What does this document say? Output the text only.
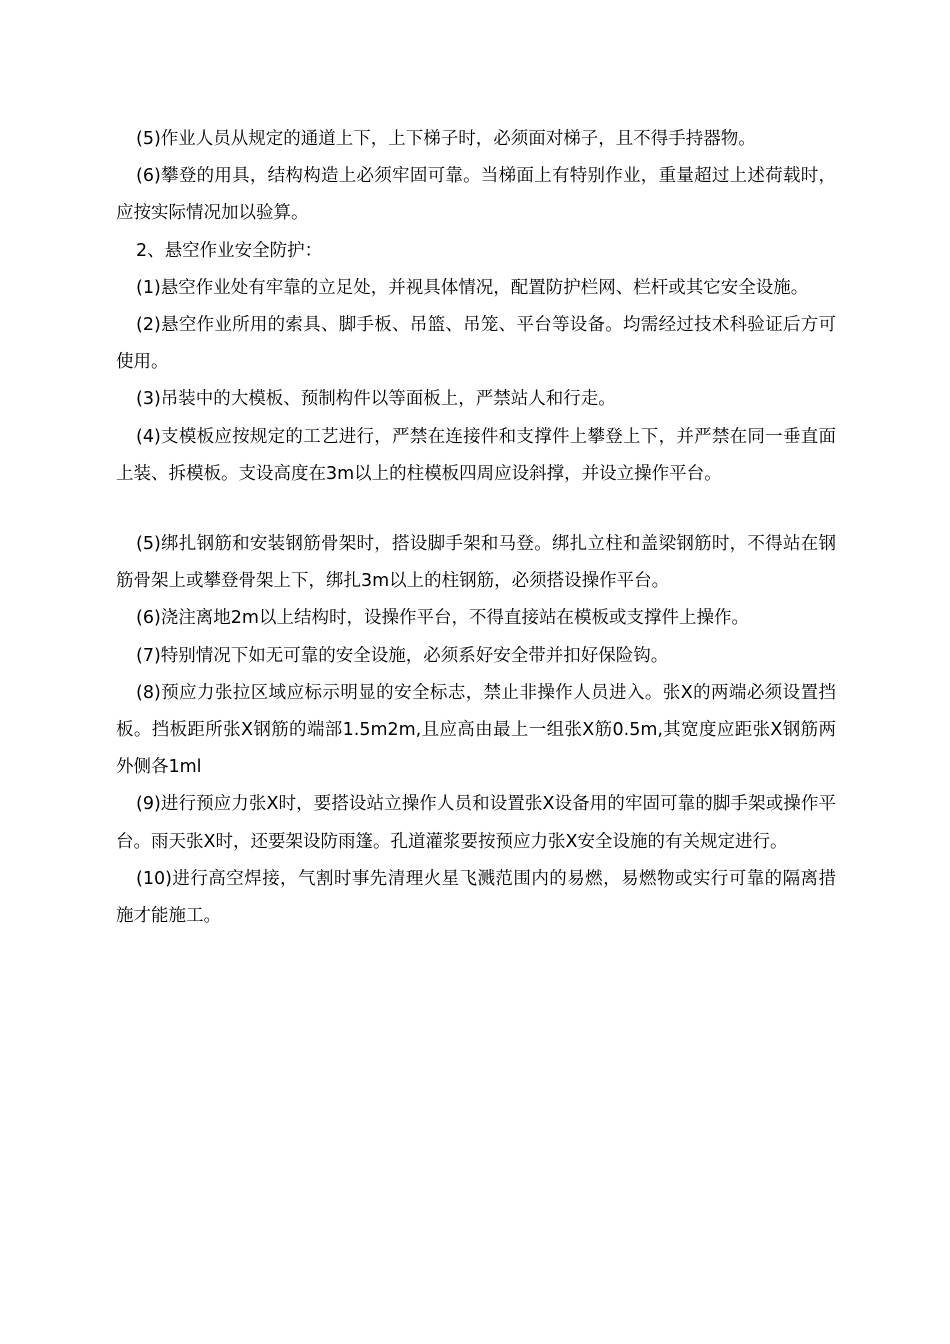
(5)作业人员从规定的通道上下，上下梯子时，必须面对梯子，且不得手持器物。

(6)攀登的用具，结构构造上必须牢固可靠。当梯面上有特别作业，重量超过上述荷载时，应按实际情况加以验算。

2、悬空作业安全防护：

(1)悬空作业处有牢靠的立足处，并视具体情况，配置防护栏网、栏杆或其它安全设施。

(2)悬空作业所用的索具、脚手板、吊篮、吊笼、平台等设备。均需经过技术科验证后方可使用。

(3)吊装中的大模板、预制构件以等面板上，严禁站人和行走。

(4)支模板应按规定的工艺进行，严禁在连接件和支撑件上攀登上下，并严禁在同一垂直面上装、拆模板。支设高度在3m以上的柱模板四周应设斜撑，并设立操作平台。

(5)绑扎钢筋和安装钢筋骨架时，搭设脚手架和马登。绑扎立柱和盖梁钢筋时，不得站在钢筋骨架上或攀登骨架上下，绑扎3m以上的柱钢筋，必须搭设操作平台。

(6)浇注离地2m以上结构时，设操作平台，不得直接站在模板或支撑件上操作。

(7)特别情况下如无可靠的安全设施，必须系好安全带并扣好保险钩。

(8)预应力张拉区域应标示明显的安全标志，禁止非操作人员进入。张X的两端必须设置挡板。挡板距所张X钢筋的端部1.5m2m,且应高由最上一组张X筋0.5m,其宽度应距张X钢筋两外侧各1ml

(9)进行预应力张X时，要搭设站立操作人员和设置张X设备用的牢固可靠的脚手架或操作平台。雨天张X时，还要架设防雨篷。孔道灌浆要按预应力张X安全设施的有关规定进行。

(10)进行高空焊接，气割时事先清理火星飞溅范围内的易燃，易燃物或实行可靠的隔离措施才能施工。
